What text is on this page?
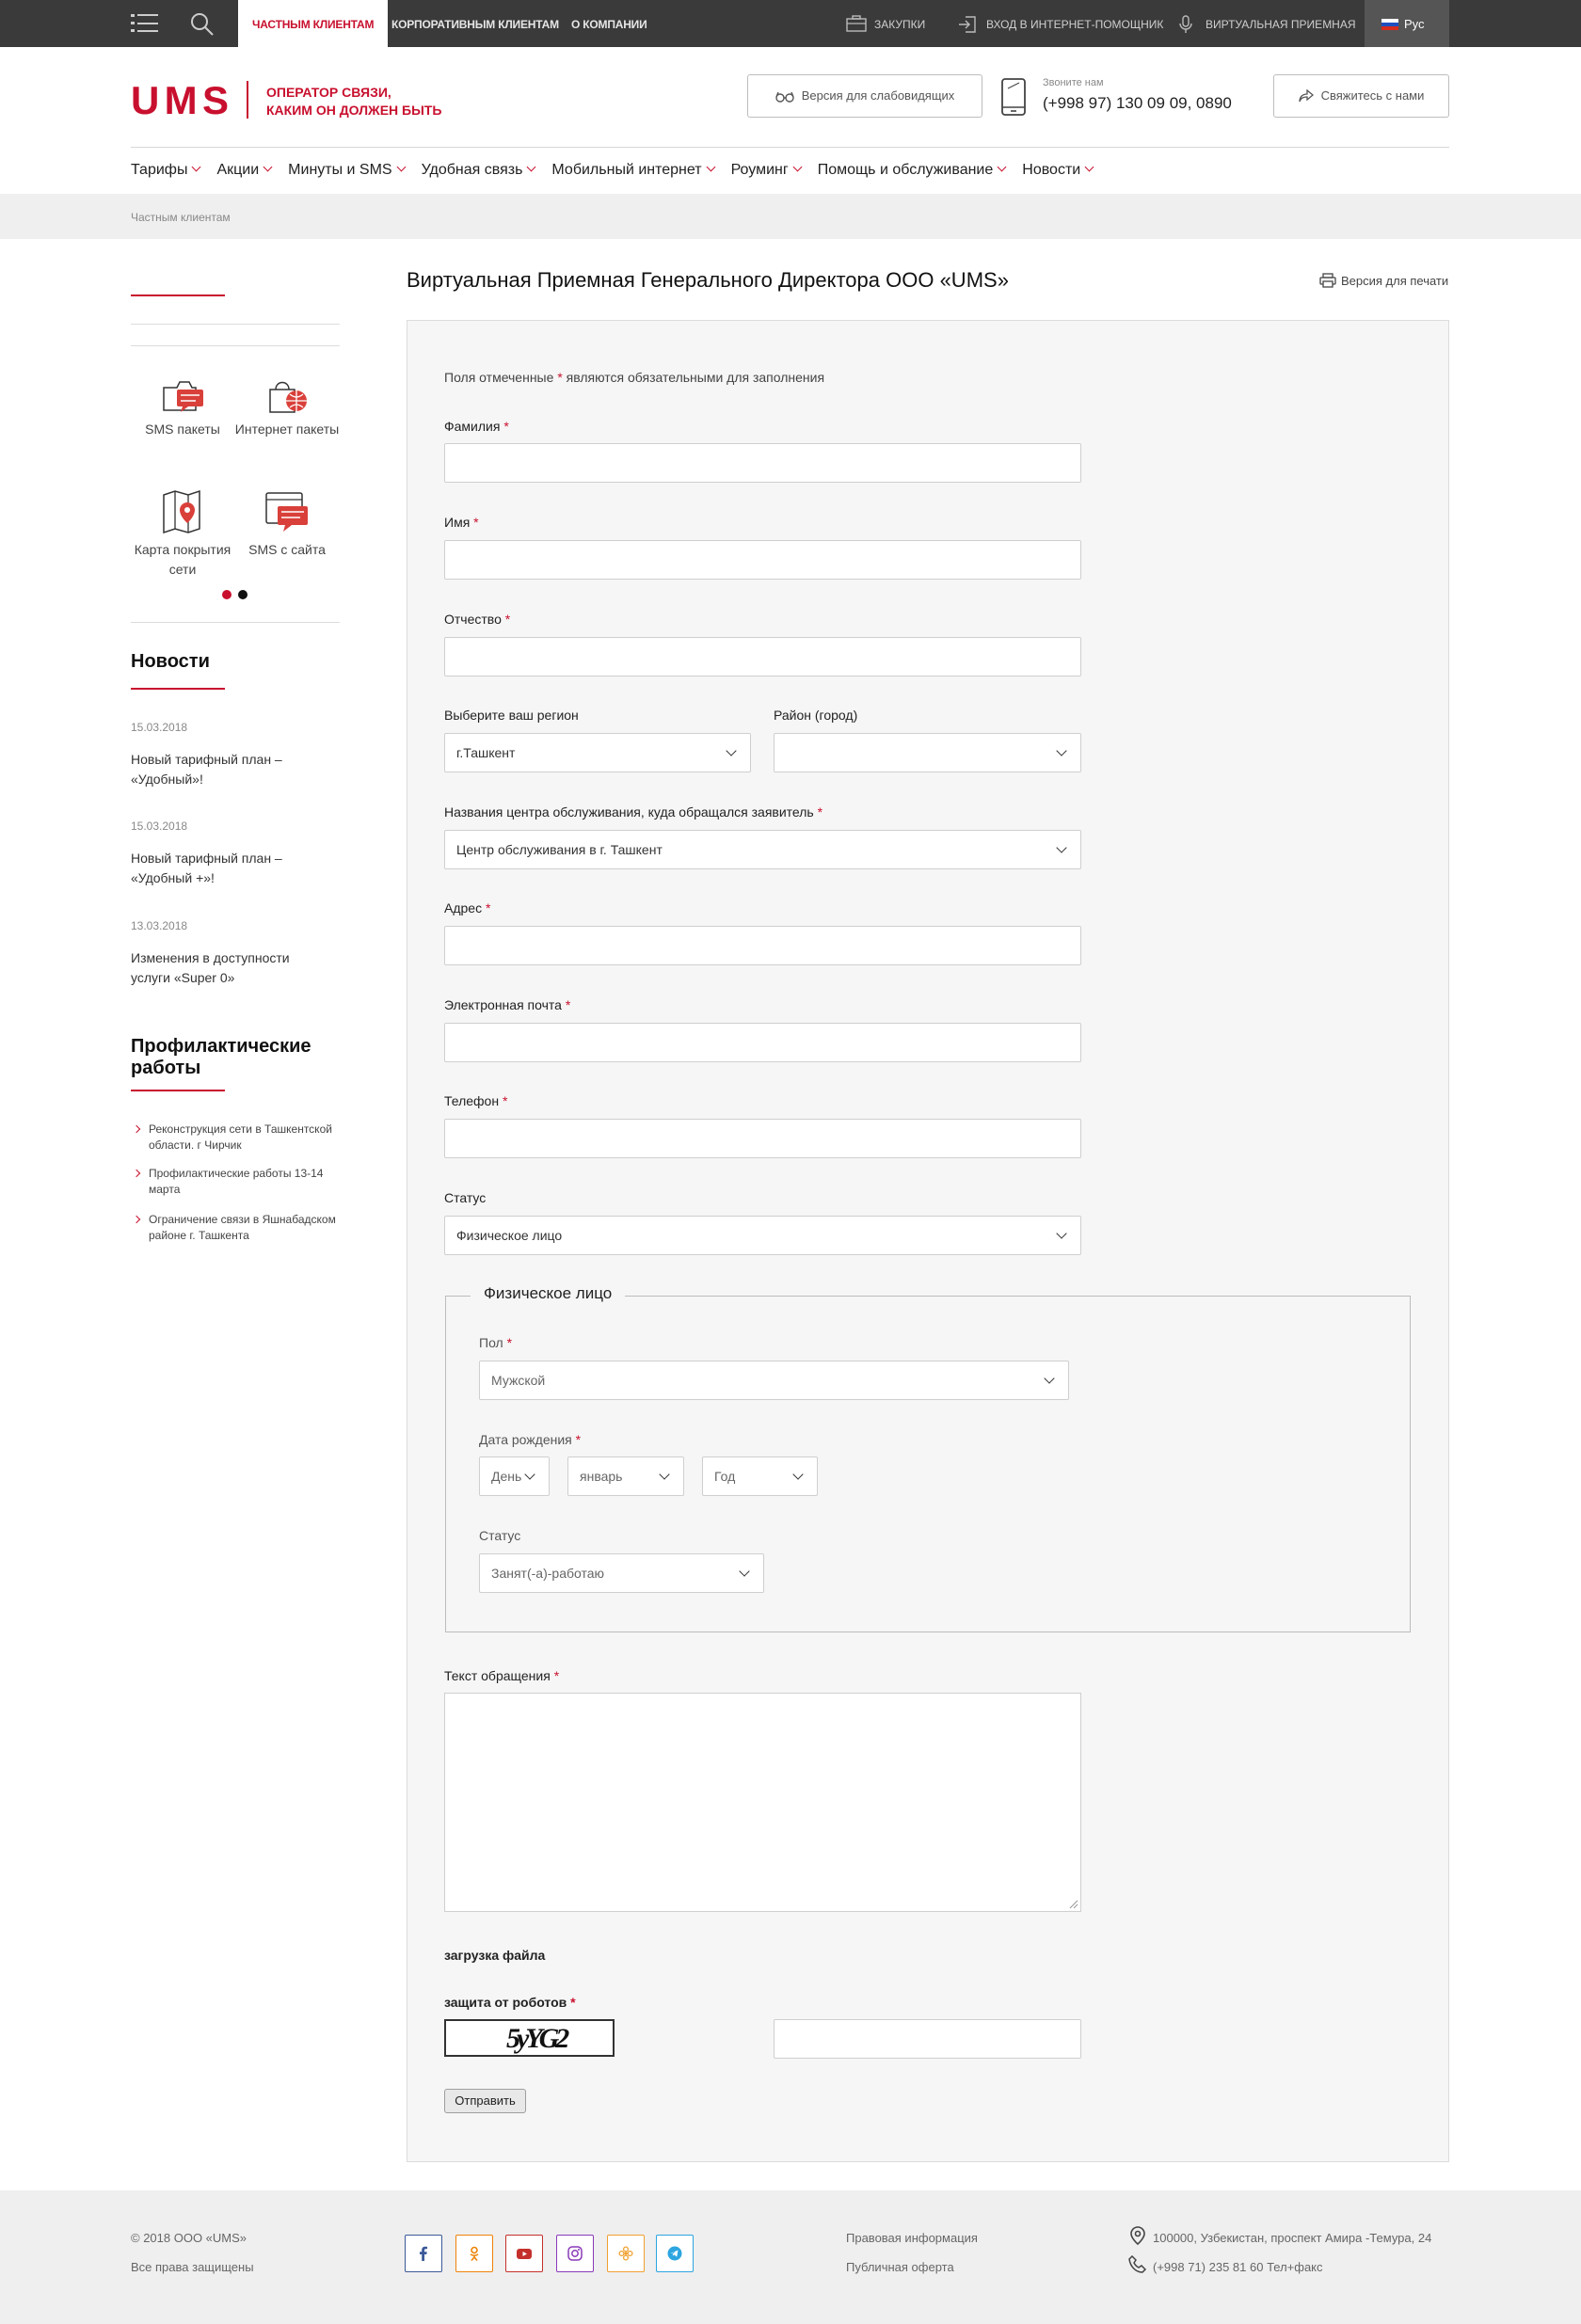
ЧАСТНЫМ КЛИЕНТАМ	КОРПОРАТИВНЫМ КЛИЕНТАМ О КОМПАНИИ	ЗАКУПКИ	ВХОД В ИНТЕРНЕТ-ПОМОЩНИК	ВИРТУАЛЬНАЯ ПРИЕМНАЯ	Рус
UMS	ОПЕРАТОР СВЯЗИ,
КАКИМ ОН ДОЛЖЕН БЫТЬ
Версия для слабовидящих
Звоните нам
(+998 97) 130 09 09, 0890	Свяжитесь с нами
Тарифы	Акции	Минуты и SMS	Удобная связь	Мобильный интернет	Роуминг	Помощь и обслуживание	Новости
Частным клиентам
SMS пакеты	Интернет пакеты
Карта покрытия сети
SMS с сайта
Новости
15.03.2018
Новый тарифный план – «Удобный»!
15.03.2018
Новый тарифный план – «Удобный +»!
13.03.2018
Изменения в доступности услуги «Super 0»
Профилактические работы
Реконструкция сети в Ташкентской области. г Чирчик
Профилактические работы 13-14 марта
Ограничение связи в Яшнабадском районе г. Ташкента
Виртуальная Приемная Генерального Директора ООО «UMS»	Версия для печати
Поля отмеченные * являются обязательными для заполнения
Фамилия *
Имя *
Отчество *
Выберите ваш регион
г.Ташкент
Район (город)
Названия центра обслуживания, куда обращался заявитель *
Центр обслуживания в г. Ташкент
Адрес *
Электронная почта *
Телефон *
Статус
Физическое лицо
Физическое лицо
Пол *
Мужской
Дата рождения *
День	январь	Год
Статус
Занят(-а)-работаю
Текст обращения *
загрузка файла
защита от роботов *
5yYG2
Отправить
© 2018 ООО «UMS»
Все права защищены
Правовая информация
Публичная оферта
100000, Узбекистан, проспект Амира -Темура, 24
(+998 71) 235 81 60 Тел+факс
